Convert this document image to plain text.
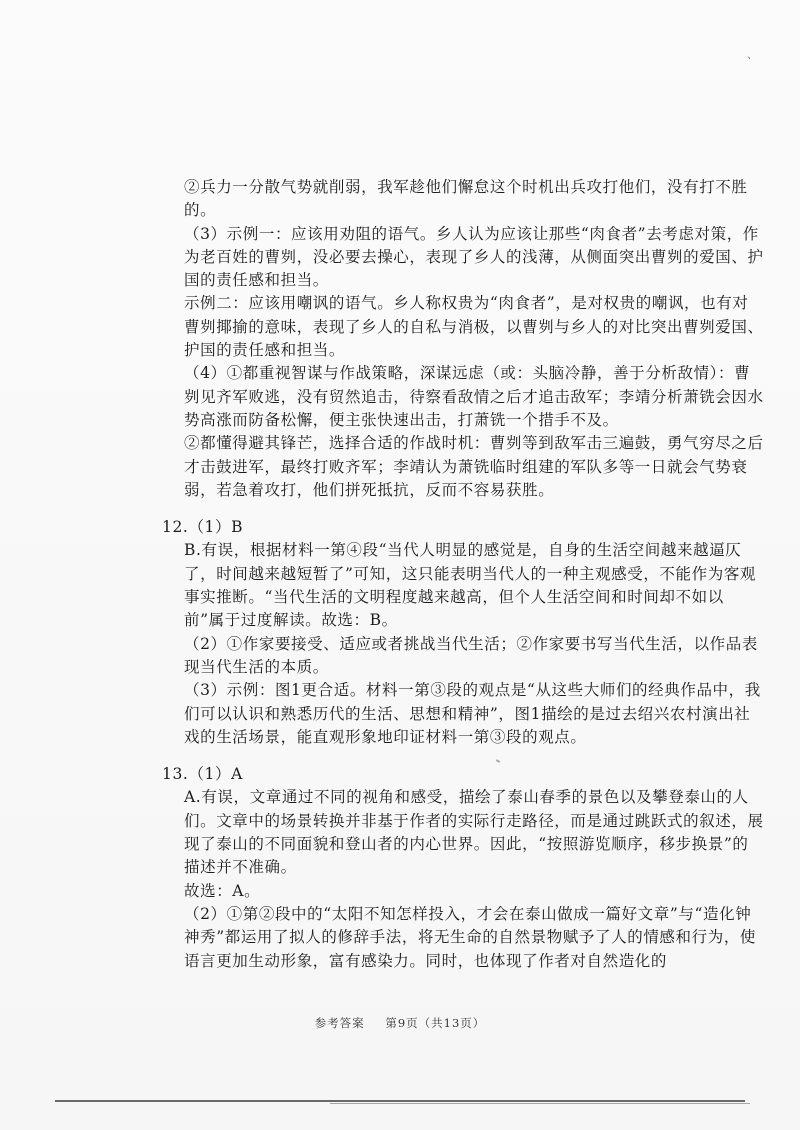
、

②兵力一分散气势就削弱，我军趁他们懈怠这个时机出兵攻打他们，没有打不胜的。

（3）示例一：应该用劝阻的语气。乡人认为应该让那些“肉食者”去考虑对策，作为老百姓的曹刿，没必要去操心，表现了乡人的浅薄，从侧面突出曹刿的爱国、护国的责任感和担当。

示例二：应该用嘲讽的语气。乡人称权贵为“肉食者”，是对权贵的嘲讽，也有对曹刿揶揄的意味，表现了乡人的自私与消极，以曹刿与乡人的对比突出曹刿爱国、护国的责任感和担当。

（4）①都重视智谋与作战策略，深谋远虑（或：头脑冷静，善于分析敌情）：曹刿见齐军败逃，没有贸然追击，待察看敌情之后才追击敌军；李靖分析萧铣会因水势高涨而防备松懈，便主张快速出击，打萧铣一个措手不及。

②都懂得避其锋芒，选择合适的作战时机：曹刿等到敌军击三遍鼓，勇气穷尽之后才击鼓进军，最终打败齐军；李靖认为萧铣临时组建的军队多等一日就会气势衰弱，若急着攻打，他们拼死抵抗，反而不容易获胜。

12.（1）B

B.有误，根据材料一第④段“当代人明显的感觉是，自身的生活空间越来越逼仄了，时间越来越短暂了”可知，这只能表明当代人的一种主观感受，不能作为客观事实推断。“当代生活的文明程度越来越高，但个人生活空间和时间却不如以前”属于过度解读。故选：B。

（2）①作家要接受、适应或者挑战当代生活；②作家要书写当代生活，以作品表现当代生活的本质。

（3）示例：图1更合适。材料一第③段的观点是“从这些大师们的经典作品中，我们可以认识和熟悉历代的生活、思想和精神”，图1描绘的是过去绍兴农村演出社戏的生活场景，能直观形象地印证材料一第③段的观点。

13.（1）A

A.有误，文章通过不同的视角和感受，描绘了泰山春季的景色以及攀登泰山的人们。文章中的场景转换并非基于作者的实际行走路径，而是通过跳跃式的叙述，展现了泰山的不同面貌和登山者的内心世界。因此，“按照游览顺序，移步换景”的描述并不准确。

故选：A。

（2）①第②段中的“太阳不知怎样投入，才会在泰山做成一篇好文章”与“造化钟神秀”都运用了拟人的修辞手法，将无生命的自然景物赋予了人的情感和行为，使语言更加生动形象，富有感染力。同时，也体现了作者对自然造化的

参考答案 第9页（共13页）
